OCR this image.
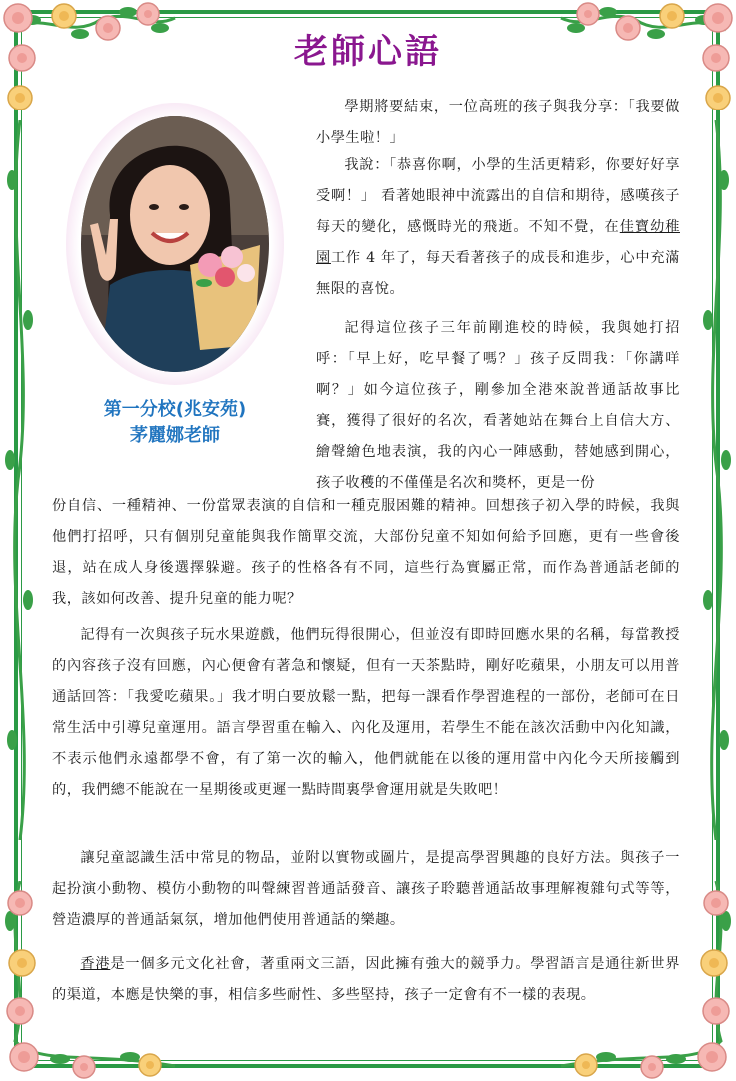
老師心語
第一分校(兆安苑)
茅麗娜老師

學期將要結束，一位高班的孩子與我分享：「我要做小學生啦！」

我說：「恭喜你啊，小學的生活更精彩，你要好好享受啊！」 看著她眼神中流露出的自信和期待，感嘆孩子每天的變化，感慨時光的飛逝。不知不覺，在佳寶幼稚園工作 4 年了，每天看著孩子的成長和進步，心中充滿無限的喜悅。

記得這位孩子三年前剛進校的時候，我與她打招呼：「早上好，吃早餐了嗎？」孩子反問我：「你講咩啊？」如今這位孩子，剛參加全港來說普通話故事比賽，獲得了很好的名次，看著她站在舞台上自信大方、繪聲繪色地表演，我的內心一陣感動，替她感到開心，孩子收穫的不僅僅是名次和獎杯，更是一份

份自信、一種精神、一份當眾表演的自信和一種克服困難的精神。回想孩子初入學的時候，我與他們打招呼，只有個別兒童能與我作簡單交流，大部份兒童不知如何給予回應，更有一些會後退，站在成人身後選擇躲避。孩子的性格各有不同，這些行為實屬正常，而作為普通話老師的我，該如何改善、提升兒童的能力呢？

記得有一次與孩子玩水果遊戲，他們玩得很開心，但並沒有即時回應水果的名稱，每當教授的內容孩子沒有回應，內心便會有著急和懷疑，但有一天茶點時，剛好吃蘋果，小朋友可以用普通話回答：「我愛吃蘋果。」我才明白要放鬆一點，把每一課看作學習進程的一部份，老師可在日常生活中引導兒童運用。語言學習重在輸入、內化及運用，若學生不能在該次活動中內化知識，不表示他們永遠都學不會，有了第一次的輸入，他們就能在以後的運用當中內化今天所接觸到的，我們總不能說在一星期後或更遲一點時間裏學會運用就是失敗吧！

讓兒童認識生活中常見的物品，並附以實物或圖片，是提高學習興趣的良好方法。與孩子一起扮演小動物、模仿小動物的叫聲練習普通話發音、讓孩子聆聽普通話故事理解複雜句式等等，營造濃厚的普通話氣氛，增加他們使用普通話的樂趣。

香港是一個多元文化社會，著重兩文三語，因此擁有強大的競爭力。學習語言是通往新世界的渠道，本應是快樂的事，相信多些耐性、多些堅持，孩子一定會有不一樣的表現。
